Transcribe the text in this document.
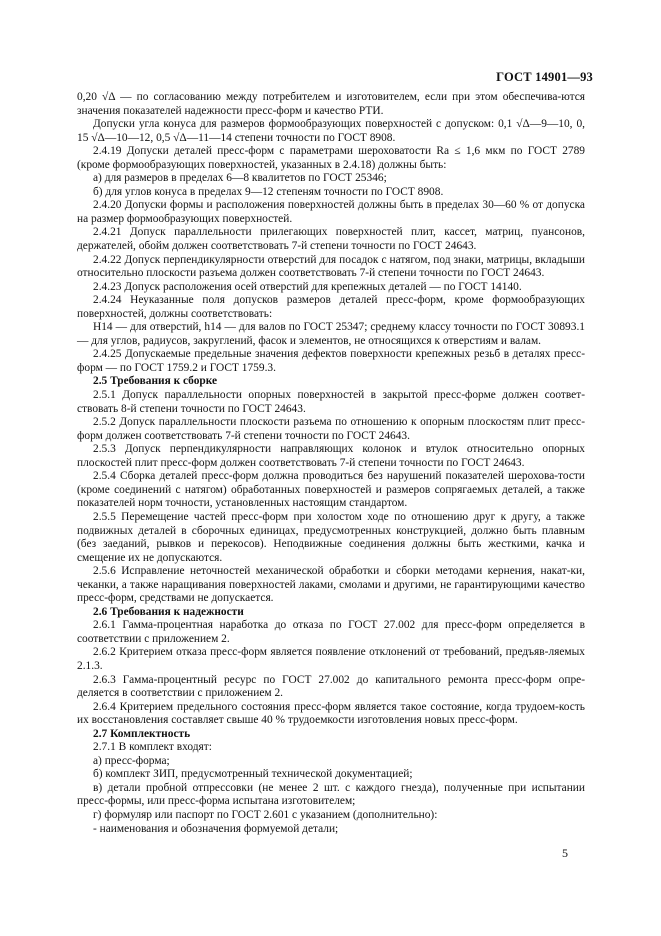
ГОСТ 14901—93

0,20 √Δ — по согласованию между потребителем и изготовителем, если при этом обеспечива-ются значения показателей надежности пресс-форм и качество РТИ.

Допуски угла конуса для размеров формообразующих поверхностей с допуском: 0,1 √Δ—9—10, 0, 15 √Δ—10—12, 0,5 √Δ—11—14 степени точности по ГОСТ 8908.

2.4.19 Допуски деталей пресс-форм с параметрами шероховатости Ra ≤ 1,6 мкм по ГОСТ 2789 (кроме формообразующих поверхностей, указанных в 2.4.18) должны быть:

а) для размеров в пределах 6—8 квалитетов по ГОСТ 25346;

б) для углов конуса в пределах 9—12 степеням точности по ГОСТ 8908.

2.4.20 Допуски формы и расположения поверхностей должны быть в пределах 30—60 % от допуска на размер формообразующих поверхностей.

2.4.21 Допуск параллельности прилегающих поверхностей плит, кассет, матриц, пуансонов, держателей, обойм должен соответствовать 7-й степени точности по ГОСТ 24643.

2.4.22 Допуск перпендикулярности отверстий для посадок с натягом, под знаки, матрицы, вкладыши относительно плоскости разъема должен соответствовать 7-й степени точности по ГОСТ 24643.

2.4.23 Допуск расположения осей отверстий для крепежных деталей — по ГОСТ 14140.

2.4.24 Неуказанные поля допусков размеров деталей пресс-форм, кроме формообразующих поверхностей, должны соответствовать:

Н14 — для отверстий, h14 — для валов по ГОСТ 25347; среднему классу точности по ГОСТ 30893.1 — для углов, радиусов, закруглений, фасок и элементов, не относящихся к отверстиям и валам.

2.4.25 Допускаемые предельные значения дефектов поверхности крепежных резьб в деталях пресс-форм — по ГОСТ 1759.2 и ГОСТ 1759.3.

2.5 Требования к сборке

2.5.1 Допуск параллельности опорных поверхностей в закрытой пресс-форме должен соответ-ствовать 8-й степени точности по ГОСТ 24643.

2.5.2 Допуск параллельности плоскости разъема по отношению к опорным плоскостям плит пресс-форм должен соответствовать 7-й степени точности по ГОСТ 24643.

2.5.3 Допуск перпендикулярности направляющих колонок и втулок относительно опорных плоскостей плит пресс-форм должен соответствовать 7-й степени точности по ГОСТ 24643.

2.5.4 Сборка деталей пресс-форм должна проводиться без нарушений показателей шерохова-тости (кроме соединений с натягом) обработанных поверхностей и размеров сопрягаемых деталей, а также показателей норм точности, установленных настоящим стандартом.

2.5.5 Перемещение частей пресс-форм при холостом ходе по отношению друг к другу, а также подвижных деталей в сборочных единицах, предусмотренных конструкцией, должно быть плавным (без заеданий, рывков и перекосов). Неподвижные соединения должны быть жесткими, качка и смещение их не допускаются.

2.5.6 Исправление неточностей механической обработки и сборки методами кернения, накат-ки, чеканки, а также наращивания поверхностей лаками, смолами и другими, не гарантирующими качество пресс-форм, средствами не допускается.

2.6 Требования к надежности

2.6.1 Гамма-процентная наработка до отказа по ГОСТ 27.002 для пресс-форм определяется в соответствии с приложением 2.

2.6.2 Критерием отказа пресс-форм является появление отклонений от требований, предъяв-ляемых 2.1.3.

2.6.3 Гамма-процентный ресурс по ГОСТ 27.002 до капитального ремонта пресс-форм опре-деляется в соответствии с приложением 2.

2.6.4 Критерием предельного состояния пресс-форм является такое состояние, когда трудоем-кость их восстановления составляет свыше 40 % трудоемкости изготовления новых пресс-форм.

2.7 Комплектность

2.7.1 В комплект входят:

а) пресс-форма;

б) комплект ЗИП, предусмотренный технической документацией;

в) детали пробной отпрессовки (не менее 2 шт. с каждого гнезда), полученные при испытании пресс-формы, или пресс-форма испытана изготовителем;

г) формуляр или паспорт по ГОСТ 2.601 с указанием (дополнительно):

- наименования и обозначения формуемой детали;

5
